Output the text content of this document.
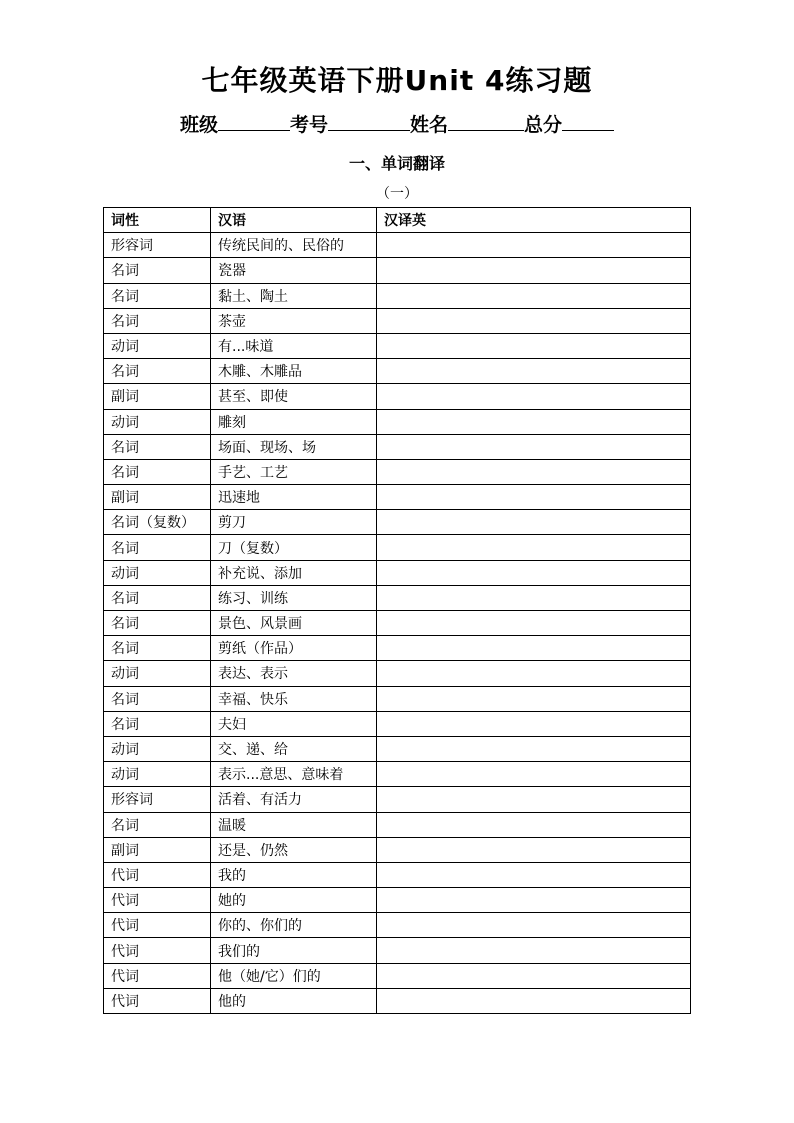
七年级英语下册Unit 4练习题
班级	考号	姓名	总分
一、单词翻译
（一）
词性	汉语	汉译英
形容词	传统民间的、民俗的	
名词	瓷器	
名词	黏土、陶土	
名词	茶壶	
动词	有...味道	
名词	木雕、木雕品	
副词	甚至、即使	
动词	雕刻	
名词	场面、现场、场	
名词	手艺、工艺	
副词	迅速地	
名词（复数）	剪刀	
名词	刀（复数）	
动词	补充说、添加	
名词	练习、训练	
名词	景色、风景画	
名词	剪纸（作品）	
动词	表达、表示	
名词	幸福、快乐	
名词	夫妇	
动词	交、递、给	
动词	表示...意思、意味着	
形容词	活着、有活力	
名词	温暖	
副词	还是、仍然	
代词	我的	
代词	她的	
代词	你的、你们的	
代词	我们的	
代词	他（她/它）们的	
代词	他的	
